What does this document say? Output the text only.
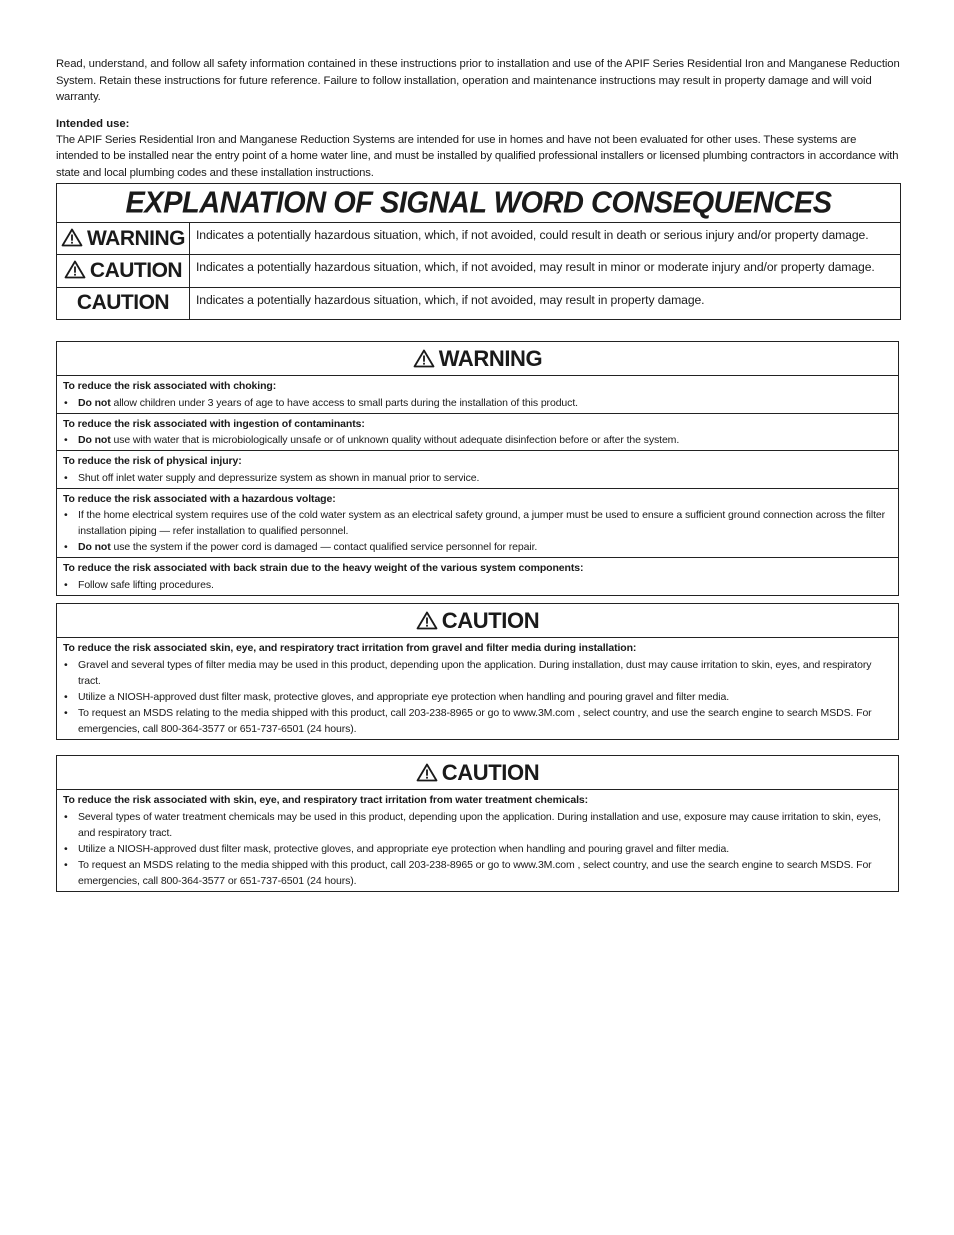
Read, understand, and follow all safety information contained in these instructions prior to installation and use of the APIF Series Residential Iron and Manganese Reduction System. Retain these instructions for future reference. Failure to follow installation, operation and maintenance instructions may result in property damage and will void warranty.

Intended use:

The APIF Series Residential Iron and Manganese Reduction Systems are intended for use in homes and have not been evaluated for other uses. These systems are intended to be installed near the entry point of a home water line, and must be installed by qualified professional installers or licensed plumbing contractors in accordance with state and local plumbing codes and these installation instructions.

EXPLANATION OF SIGNAL WORD CONSEQUENCES	
WARNING	Indicates a potentially hazardous situation, which, if not avoided, could result in death or serious injury and/or property damage.
CAUTION	Indicates a potentially hazardous situation, which, if not avoided, may result in minor or moderate injury and/or property damage.
CAUTION	Indicates a potentially hazardous situation, which, if not avoided, may result in property damage.
WARNING
To reduce the risk associated with choking:
• Do not allow children under 3 years of age to have access to small parts during the installation of this product.
To reduce the risk associated with ingestion of contaminants:
• Do not use with water that is microbiologically unsafe or of unknown quality without adequate disinfection before or after the system.
To reduce the risk of physical injury:
• Shut off inlet water supply and depressurize system as shown in manual prior to service.
To reduce the risk associated with a hazardous voltage:
• If the home electrical system requires use of the cold water system as an electrical safety ground, a jumper must be used to ensure a sufficient ground connection across the filter installation piping — refer installation to qualified personnel.
• Do not use the system if the power cord is damaged — contact qualified service personnel for repair.
To reduce the risk associated with back strain due to the heavy weight of the various system components:
• Follow safe lifting procedures.
CAUTION
To reduce the risk associated skin, eye, and respiratory tract irritation from gravel and filter media during installation:
• Gravel and several types of filter media may be used in this product, depending upon the application. During installation, dust may cause irritation to skin, eyes, and respiratory tract.
• Utilize a NIOSH-approved dust filter mask, protective gloves, and appropriate eye protection when handling and pouring gravel and filter media.
• To request an MSDS relating to the media shipped with this product, call 203-238-8965 or go to www.3M.com , select country, and use the search engine to search MSDS. For emergencies, call 800-364-3577 or 651-737-6501 (24 hours).
CAUTION
To reduce the risk associated with skin, eye, and respiratory tract irritation from water treatment chemicals:
• Several types of water treatment chemicals may be used in this product, depending upon the application. During installation and use, exposure may cause irritation to skin, eyes, and respiratory tract.
• Utilize a NIOSH-approved dust filter mask, protective gloves, and appropriate eye protection when handling and pouring gravel and filter media.
• To request an MSDS relating to the media shipped with this product, call 203-238-8965 or go to www.3M.com , select country, and use the search engine to search MSDS. For emergencies, call 800-364-3577 or 651-737-6501 (24 hours).
